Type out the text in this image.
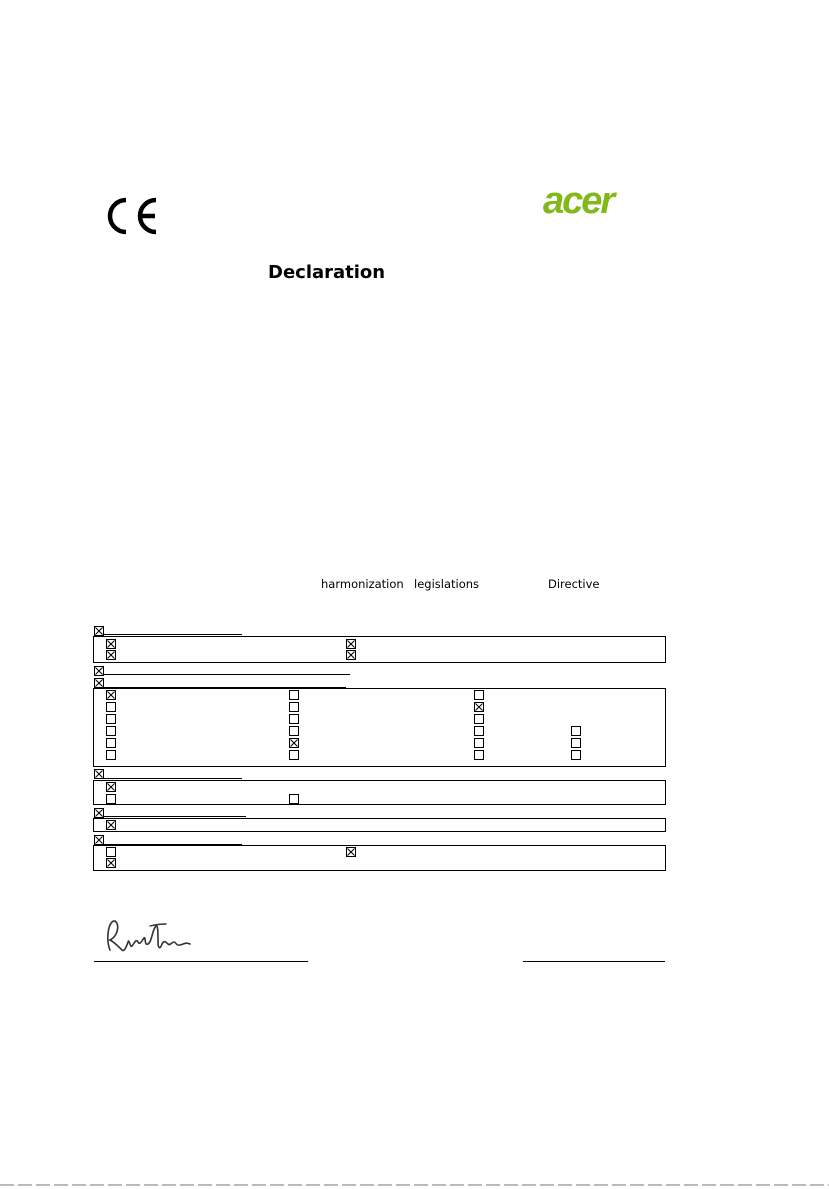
acer
Declaration
harmonization legislations	Directive
